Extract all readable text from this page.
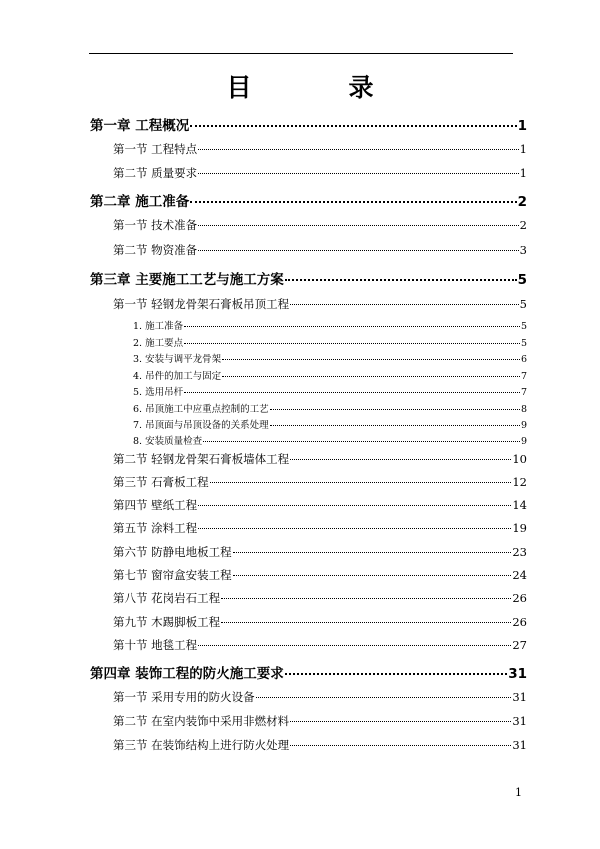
目　录
第一章 工程概况	1
第一节 工程特点	1
第二节 质量要求	1
第二章 施工准备	2
第一节 技术准备	2
第二节 物资准备	3
第三章 主要施工工艺与施工方案	5
第一节 轻钢龙骨架石膏板吊顶工程	5
1. 施工准备	5
2. 施工要点	5
3. 安装与调平龙骨架	6
4. 吊件的加工与固定	7
5. 选用吊杆	7
6. 吊顶施工中应重点控制的工艺	8
7. 吊顶面与吊顶设备的关系处理	9
8. 安装质量检查	9
第二节 轻钢龙骨架石膏板墙体工程	10
第三节 石膏板工程	12
第四节 壁纸工程	14
第五节 涂料工程	19
第六节 防静电地板工程	23
第七节 窗帘盒安装工程	24
第八节 花岗岩石工程	26
第九节 木踢脚板工程	26
第十节 地毯工程	27
第四章 装饰工程的防火施工要求	31
第一节 采用专用的防火设备	31
第二节 在室内装饰中采用非燃材料	31
第三节 在装饰结构上进行防火处理	31
1
